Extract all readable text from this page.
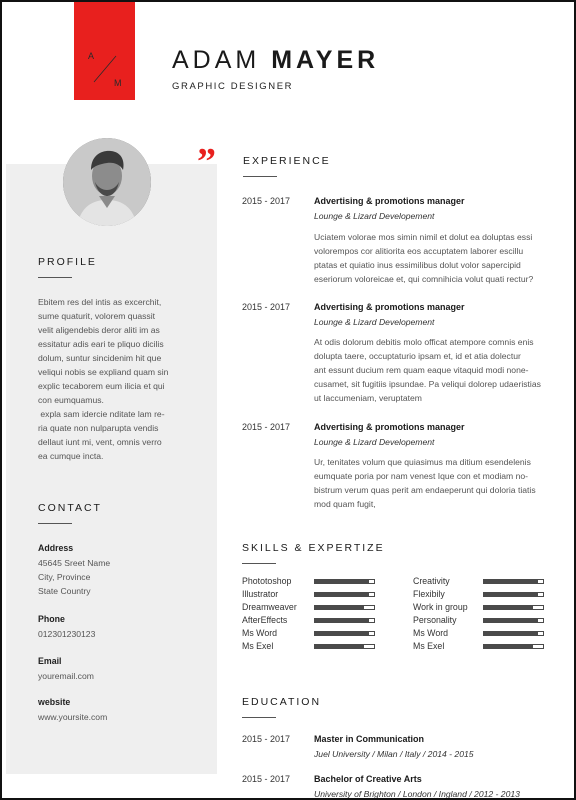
A
M
ADAM MAYER
GRAPHIC DESIGNER
”
PROFILE
Ebitem res del intis as excerchit,
sume quaturit, volorem quassit
velit aligendebis deror aliti im as
essitatur adis eari te pliquo dicilis
dolum, suntur sincidenim hit que
veliqui nobis se expliand quam sin
explic tecaborem eum ilicia et qui
con eumquamus.
expla sam idercie nditate lam re-
ria quate non nulparupta vendis
dellaut iunt mi, vent, omnis verro
ea cumque incta.
CONTACT
Address
45645 Sreet Name
City, Province
State Country
Phone
012301230123
Email
youremail.com
website
www.yoursite.com
EXPERIENCE
2015 - 2017	Advertising & promotions manager
Lounge & Lizard Developement
Uciatem volorae mos simin nimil et dolut ea doluptas essi
volorempos cor alitiorita eos accuptatem laborer escillu
ptatas et quiatio inus essimilibus dolut volor sapercipid
eseriorum voloreicae et, qui comnihicia volut quati rectur?
2015 - 2017	Advertising & promotions manager
Lounge & Lizard Developement
At odis dolorum debitis molo officat atempore comnis enis
dolupta taere, occuptaturio ipsam et, id et atia dolectur
ant essunt ducium rem quam eaque vitaquid modi none-
cusamet, sit fugitiis ipsundae. Pa veliqui dolorep udaeristias
ut laccumeniam, veruptatem
2015 - 2017	Advertising & promotions manager
Lounge & Lizard Developement
Ur, tenitates volum que quiasimus ma ditium esendelenis
eumquate poria por nam venest Ique con et modiam no-
bistrum verum quas perit am endaeperunt qui doloria tiatis
mod quam fugit,
SKILLS & EXPERTIZE
Phototoshop
Illustrator
Dreamweaver
AfterEffects
Ms Word
Ms Exel
Creativity
Flexibily
Work in group
Personality
Ms Word
Ms Exel
EDUCATION
2015 - 2017	Master in Communication
Juel University / Milan / Italy / 2014 - 2015
2015 - 2017	Bachelor of Creative Arts
University of Brighton / London / Ingland / 2012 - 2013
